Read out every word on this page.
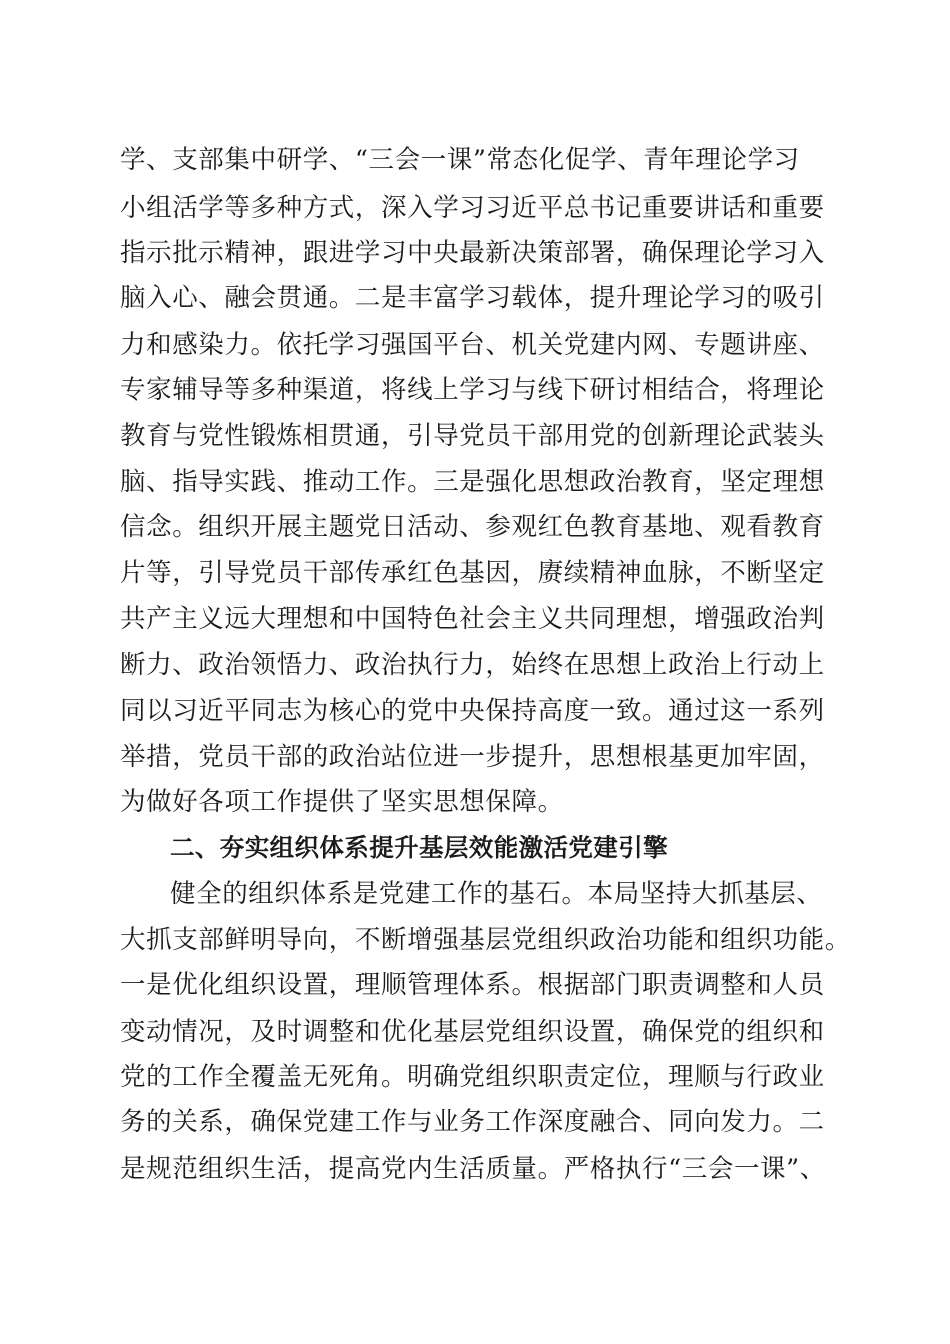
学、支部集中研学、“三会一课”常态化促学、青年理论学习
小组活学等多种方式，深入学习习近平总书记重要讲话和重要
指示批示精神，跟进学习中央最新决策部署，确保理论学习入
脑入心、融会贯通。二是丰富学习载体，提升理论学习的吸引
力和感染力。依托学习强国平台、机关党建内网、专题讲座、
专家辅导等多种渠道，将线上学习与线下研讨相结合，将理论
教育与党性锻炼相贯通，引导党员干部用党的创新理论武装头
脑、指导实践、推动工作。三是强化思想政治教育，坚定理想
信念。组织开展主题党日活动、参观红色教育基地、观看教育
片等，引导党员干部传承红色基因，赓续精神血脉，不断坚定
共产主义远大理想和中国特色社会主义共同理想，增强政治判
断力、政治领悟力、政治执行力，始终在思想上政治上行动上
同以习近平同志为核心的党中央保持高度一致。通过这一系列
举措，党员干部的政治站位进一步提升，思想根基更加牢固，
为做好各项工作提供了坚实思想保障。
二、夯实组织体系提升基层效能激活党建引擎
健全的组织体系是党建工作的基石。本局坚持大抓基层、
大抓支部鲜明导向，不断增强基层党组织政治功能和组织功能。
一是优化组织设置，理顺管理体系。根据部门职责调整和人员
变动情况，及时调整和优化基层党组织设置，确保党的组织和
党的工作全覆盖无死角。明确党组织职责定位，理顺与行政业
务的关系，确保党建工作与业务工作深度融合、同向发力。二
是规范组织生活，提高党内生活质量。严格执行“三会一课”、
